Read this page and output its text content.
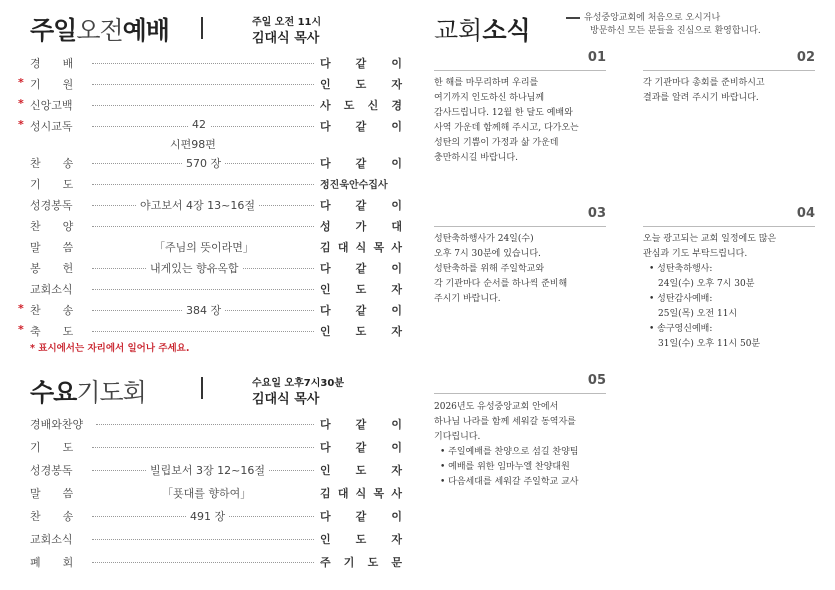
주일오전예배	주일 오전 11시
김대식 목사
경　　배	다 같 이
* 기　　원	인 도 자
* 신앙고백	사 도 신 경
* 성시교독	42	다 같 이
시편98편
찬　　송	570 장	다 같 이
기　　도	정진욱안수집사
성경봉독	야고보서 4장 13~16절	다 같 이
찬　　양	성 가 대
말　　씀	「주님의 뜻이라면」	김 대 식 목 사
봉　　헌	내게있는 향유옥합	다 같 이
교회소식	인 도 자
* 찬　　송	384 장	다 같 이
* 축　　도	인 도 자
* 표시에서는 자리에서 일어나 주세요.
수요기도회	수요일 오후7시30분
김대식 목사
경배와찬양	다 같 이
기　　도	다 같 이
성경봉독	빌립보서 3장 12~16절	인 도 자
말　　씀	「푯대를 향하여」	김 대 식 목 사
찬　　송	491 장	다 같 이
교회소식	인 도 자
폐　　회	주 기 도 문
교회소식	유성중앙교회에 처음으로 오시거나
방문하신 모든 분들을 진심으로 환영합니다.
01
한 해를 마무리하며 우리를
여기까지 인도하신 하나님께
감사드립니다. 12월 한 달도 예배와
사역 가운데 함께해 주시고, 다가오는
성탄의 기쁨이 가정과 삶 가운데
충만하시길 바랍니다.
02
각 기관마다 총회를 준비하시고
결과를 알려 주시기 바랍니다.
03
성탄축하행사가 24일(수)
오후 7시 30분에 있습니다.
성탄축하를 위해 주일학교와
각 기관마다 순서를 하나씩 준비해
주시기 바랍니다.
04
오늘 광고되는 교회 일정에도 많은
관심과 기도 부탁드립니다.
• 성탄축하행사:
　24일(수) 오후 7시 30분
• 성탄감사예배:
　25일(목) 오전 11시
• 송구영신예배:
　31일(수) 오후 11시 50분
05
2026년도 유성중앙교회 안에서
하나님 나라를 함께 세워갈 동역자를
기다립니다.
• 주일예배를 찬양으로 섬길 찬양팀
• 예배를 위한 임마누엘 찬양대원
• 다음세대를 세워갈 주일학교 교사
